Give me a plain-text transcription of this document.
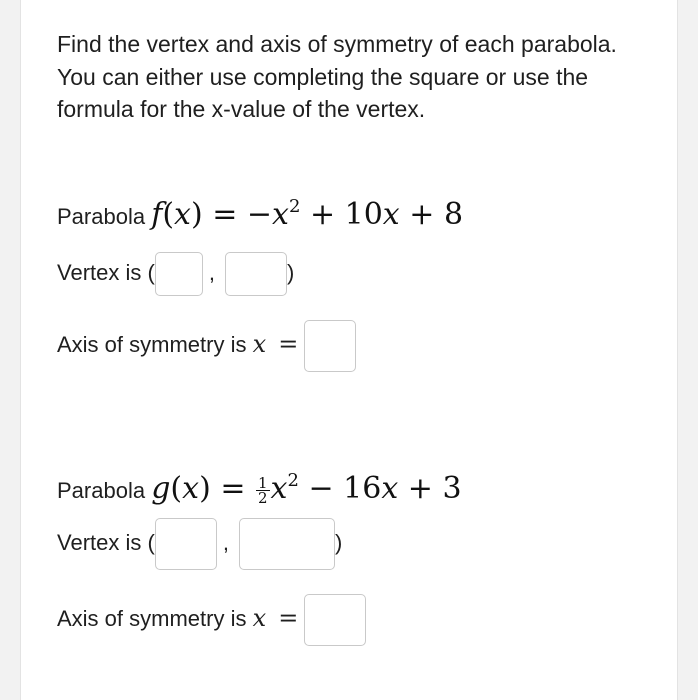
Find the vertex and axis of symmetry of each parabola. You can either use completing the square or use the formula for the x-value of the vertex.
Parabola $f(x) = -x^2 + 10x + 8$
Vertex is ( ,	)
Axis of symmetry is x =
Parabola $g(x) = \frac{1}{2} x^2 - 16x + 3$
Vertex is (	,	)
Axis of symmetry is x =
